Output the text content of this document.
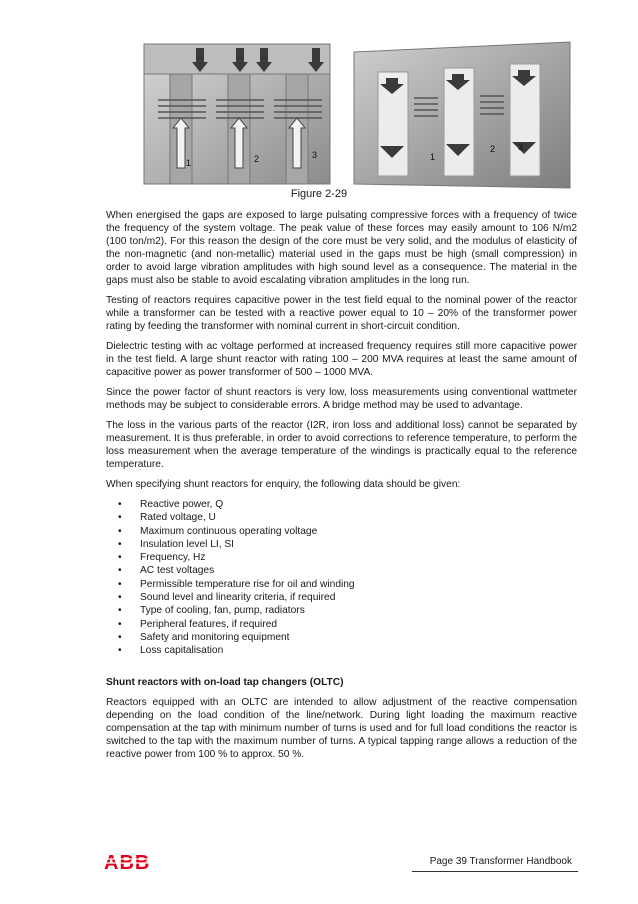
1	2	3	1
2	3
Figure 2-29

When energised the gaps are exposed to large pulsating compressive forces with a frequency of twice the frequency of the system voltage. The peak value of these forces may easily amount to 106 N/m2 (100 ton/m2). For this reason the design of the core must be very solid, and the modulus of elasticity of the non-magnetic (and non-metallic) material used in the gaps must be high (small compression) in order to avoid large vibration amplitudes with high sound level as a consequence. The material in the gaps must also be stable to avoid escalating vibration amplitudes in the long run.

Testing of reactors requires capacitive power in the test field equal to the nominal power of the reactor while a transformer can be tested with a reactive power equal to 10 – 20% of the transformer power rating by feeding the transformer with nominal current in short-circuit condition.

Dielectric testing with ac voltage performed at increased frequency requires still more capacitive power in the test field. A large shunt reactor with rating 100 – 200 MVA requires at least the same amount of capacitive power as power transformer of 500 – 1000 MVA.

Since the power factor of shunt reactors is very low, loss measurements using conventional wattmeter methods may be subject to considerable errors. A bridge method may be used to advantage.

The loss in the various parts of the reactor (I2R, iron loss and additional loss) cannot be separated by measurement. It is thus preferable, in order to avoid corrections to reference temperature, to perform the loss measurement when the average temperature of the windings is practically equal to the reference temperature.

When specifying shunt reactors for enquiry, the following data should be given:

• Reactive power, Q
• Rated voltage, U
• Maximum continuous operating voltage
• Insulation level LI, SI
• Frequency, Hz
• AC test voltages
• Permissible temperature rise for oil and winding
• Sound level and linearity criteria, if required
• Type of cooling, fan, pump, radiators
• Peripheral features, if required
• Safety and monitoring equipment
• Loss capitalisation

Shunt reactors with on-load tap changers (OLTC)

Reactors equipped with an OLTC are intended to allow adjustment of the reactive compensation depending on the load condition of the line/network. During light loading the maximum reactive compensation at the tap with minimum number of turns is used and for full load conditions the reactor is switched to the tap with the maximum number of turns. A typical tapping range allows a reduction of the reactive power from 100 % to approx. 50 %.

ABB	Page 39 Transformer Handbook
